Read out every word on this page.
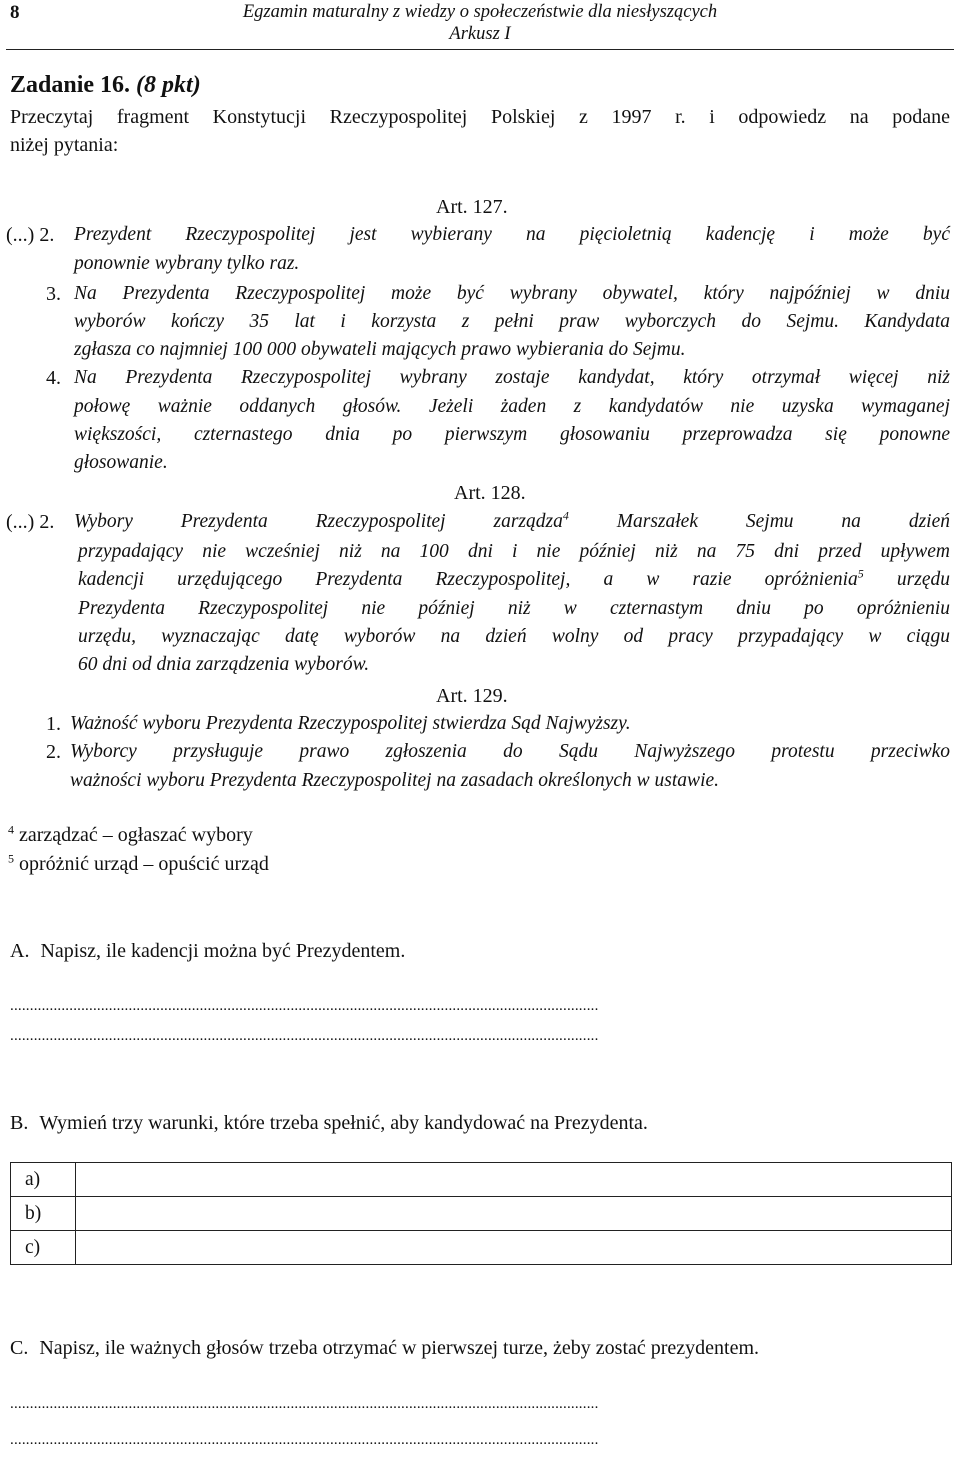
8	Egzamin maturalny z wiedzy o społeczeństwie dla niesłyszących
Arkusz I
Zadanie 16. (8 pkt)
Przeczytaj fragment Konstytucji Rzeczypospolitej Polskiej z 1997 r. i odpowiedz na podane
niżej pytania:
Art. 127.
(...) 2. Prezydent Rzeczypospolitej jest wybierany na pięcioletnią kadencję i może być
ponownie wybrany tylko raz.
3. Na Prezydenta Rzeczypospolitej może być wybrany obywatel, który najpóźniej w dniu
wyborów kończy 35 lat i korzysta z pełni praw wyborczych do Sejmu. Kandydata
zgłasza co najmniej 100 000 obywateli mających prawo wybierania do Sejmu.
4. Na Prezydenta Rzeczypospolitej wybrany zostaje kandydat, który otrzymał więcej niż
połowę ważnie oddanych głosów. Jeżeli żaden z kandydatów nie uzyska wymaganej
większości, czternastego dnia po pierwszym głosowaniu przeprowadza się ponowne
głosowanie.
Art. 128.
(...) 2. Wybory Prezydenta Rzeczypospolitej zarządza$^4$ Marszałek Sejmu na dzień
przypadający nie wcześniej niż na 100 dni i nie później niż na 75 dni przed upływem
kadencji urzędującego Prezydenta Rzeczypospolitej, a w razie opróżnienia$^5$ urzędu
Prezydenta Rzeczypospolitej nie później niż w czternastym dniu po opróżnieniu
urzędu, wyznaczając datę wyborów na dzień wolny od pracy przypadający w ciągu
60 dni od dnia zarządzenia wyborów.
Art. 129.
1. Ważność wyboru Prezydenta Rzeczypospolitej stwierdza Sąd Najwyższy.
2. Wyborcy przysługuje prawo zgłoszenia do Sądu Najwyższego protestu przeciwko
ważności wyboru Prezydenta Rzeczypospolitej na zasadach określonych w ustawie.
$^4$ zarządzać – ogłaszać wybory
$^5$ opróżnić urząd – opuścić urząd
A. Napisz, ile kadencji można być Prezydentem.
.....................................................................................................................................................
.....................................................................................................................................................
B. Wymień trzy warunki, które trzeba spełnić, aby kandydować na Prezydenta.
a)	
b)	
c)	
C. Napisz, ile ważnych głosów trzeba otrzymać w pierwszej turze, żeby zostać prezydentem.
.....................................................................................................................................................
.....................................................................................................................................................
